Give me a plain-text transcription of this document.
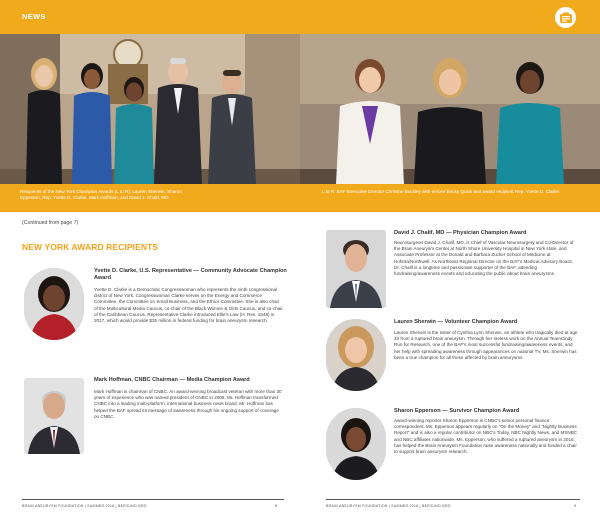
NEWS

Recipients of the New York Champion Awards (L to R): Lauren Sherwin, Sharon Epperson, Rep. Yvette D. Clarke, Mark Hoffman, and David J. Chalif, MD.

L to R: BAF Executive Director Christine Buckley with emcee Becky Quick and award recipient Rep. Yvette D. Clarke.

(Continued from page 7)
NEW YORK AWARD RECIPIENTS
Yvette D. Clarke, U.S. Representative — Community Advocate Champion Award

Yvette D. Clarke is a Democratic Congresswoman who represents the ninth congressional district of New York. Congresswoman Clarke serves on the Energy and Commerce Committee, the Committee on Small Business, and the Ethics Committee. She is also chair of the Multicultural Media Caucus, co-chair of the Black Women & Girls Caucus, and co-chair of the Caribbean Caucus. Representative Clarke introduced Ellie's Law (H. Res. 1648) in 2017, which would provide $25 million in federal funding for brain aneurysm research.

Mark Hoffman, CNBC Chairman — Media Champion Award

Mark Hoffman is chairman of CNBC. An award-winning broadcast veteran with more than 30 years of experience who was named president of CNBC in 2005, Mr. Hoffman transformed CNBC into a leading multi-platform, international business news brand. Mr. Hoffman has helped the BAF spread its message of awareness through his ongoing support of coverage on CNBC.

BRAIN ANEURYSM FOUNDATION | SUMMER 2018 | BAFOUND.ORG	8
David J. Chalif, MD — Physician Champion Award

Neurosurgeon David J. Chalif, MD, is Chief of Vascular Neurosurgery and Co-Director of the Brain Aneurysm Center at North Shore University Hospital in New York state, and Associate Professor at the Donald and Barbara Zucker School of Medicine at Hofstra/Northwell. As Northeast Regional Director on the BAF's Medical Advisory Board, Dr. Chalif is a longtime and passionate supporter of the BAF, attending fundraising/awareness events and educating the public about brain aneurysms.

Lauren Sherwin — Volunteer Champion Award

Lauren Sherwin is the sister of Cynthia Lynn Sherwin, an athlete who tragically died at age 33 from a ruptured brain aneurysm. Through her tireless work on the Annual TeamCindy Run for Research, one of the BAF's most successful fundraising/awareness events, and her help with spreading awareness through appearances on national TV, Ms. Sherwin has been a true champion for all those affected by brain aneurysms.

Sharon Epperson — Survivor Champion Award

Award-winning reporter Sharon Epperson is CNBC's senior personal finance correspondent. Ms. Epperson appears regularly on "On the Money" and "Nightly Business Report" and is also a regular contributor on NBC's Today, NBC Nightly News, and MSNBC and NBC affiliates nationwide. Ms. Epperson, who suffered a ruptured aneurysm in 2016, has helped the Brain Aneurysm Foundation raise awareness nationally and funded a chair to support brain aneurysm research.

BRAIN ANEURYSM FOUNDATION | SUMMER 2018 | BAFOUND.ORG	9
